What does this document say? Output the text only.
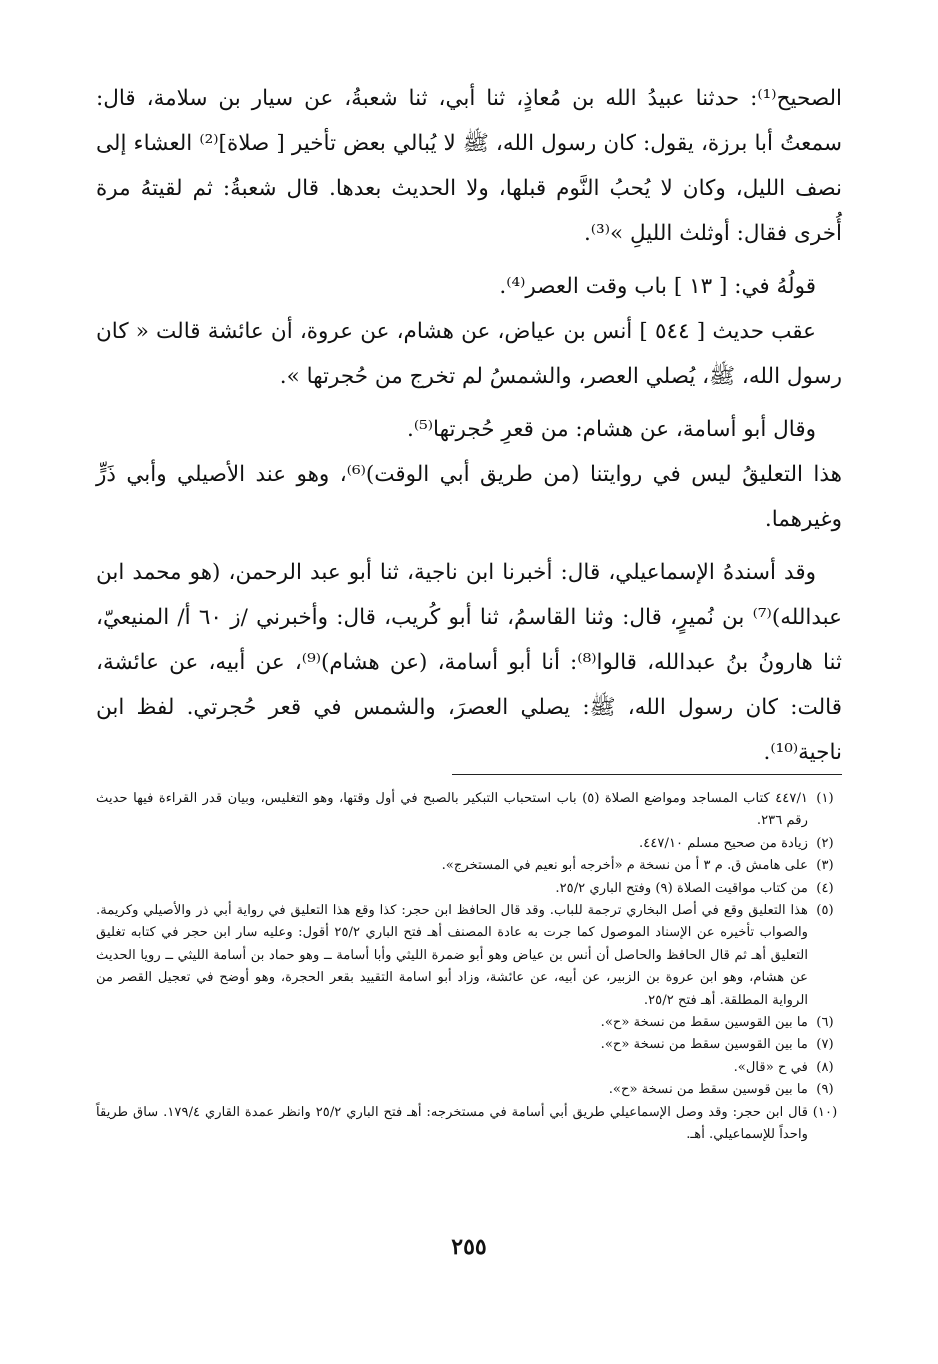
الصحيح⁽¹⁾: حدثنا عبيدُ الله بن مُعاذٍ، ثنا أبي، ثنا شعبةُ، عن سيار بن سلامة، قال: سمعتُ أبا برزة، يقول: كان رسول الله، ﷺ لا يُبالي بعض تأخير [ صلاة]⁽²⁾ العشاء إلى نصف الليل، وكان لا يُحبُ النَّوم قبلها، ولا الحديث بعدها. قال شعبةُ: ثم لقيتهُ مرة أُخرى فقال: أوثلث الليلِ »⁽³⁾.

قولُهُ في: [ ١٣ ] باب وقت العصر⁽⁴⁾.

عقب حديث [ ٥٤٤ ] أنس بن عياض، عن هشام، عن عروة، أن عائشة قالت « كان رسول الله، ﷺ، يُصلي العصر، والشمسُ لم تخرج من حُجرتها ».

وقال أبو أسامة، عن هشام: من قعرِ حُجرتها⁽⁵⁾.

هذا التعليقُ ليس في روايتنا (من طريق أبي الوقت)⁽⁶⁾، وهو عند الأصيلي وأبي ذَرٍّ وغيرهما.

وقد أسندهُ الإسماعيلي، قال: أخبرنا ابن ناجية، ثنا أبو عبد الرحمن، (هو محمد ابن عبدالله)⁽⁷⁾ بن نُميرٍ، قال: وثنا القاسمُ، ثنا أبو كُريب، قال: وأخبرني /ز ٦٠ أ/ المنيعيّ، ثنا هارونُ بنُ عبدالله، قالوا⁽⁸⁾: أنا أبو أسامة، (عن هشام)⁽⁹⁾، عن أبيه، عن عائشة، قالت: كان رسول الله، ﷺ: يصلي العصرَ، والشمس في قعر حُجرتي. لفظ ابن ناجية⁽¹⁰⁾.

(١)
٤٤٧/١ كتاب المساجد ومواضع الصلاة (٥) باب استحباب التبكير بالصبح في أول وقتها، وهو التغليس، وبيان قدر القراءة فيها حديث رقم ٢٣٦.
(٢)
زيادة من صحيح مسلم ٤٤٧/١٠.
(٣)
على هامش ق. م ٣ أ من نسخة م «أخرجه أبو نعيم في المستخرج».
(٤)
من كتاب مواقيت الصلاة (٩) وفتح الباري ٢٥/٢.
(٥)
هذا التعليق وقع في أصل البخاري ترجمة للباب. وقد قال الحافظ ابن حجر: كذا وقع هذا التعليق في رواية أبي ذر والأصيلي وكريمة. والصواب تأخيره عن الإسناد الموصول كما جرت به عادة المصنف أهـ فتح الباري ٢٥/٢ أقول: وعليه سار ابن حجر في كتابه تغليق التعليق أهـ ثم قال الحافظ والحاصل أن أنس بن عياض وهو أبو ضمرة الليثي وأبا أسامة ــ وهو حماد بن أسامة الليثي ــ رويا الحديث عن هشام، وهو ابن عروة بن الزبير، عن أبيه، عن عائشة، وزاد أبو اسامة التقييد بقعر الحجرة، وهو أوضح في تعجيل القصر من الرواية المطلقة. أهـ فتح ٢٥/٢.
(٦)
ما بين القوسين سقط من نسخة «ح».
(٧)
ما بين القوسين سقط من نسخة «ح».
(٨)
في ح «قال».
(٩)
ما بين قوسين سقط من نسخة «ح».
(١٠)
قال ابن حجر: وقد وصل الإسماعيلي طريق أبي أسامة في مستخرجه: أهـ فتح الباري ٢٥/٢ وانظر عمدة القاري ١٧٩/٤. ساق طريقاً واحداً للإسماعيلي. أهـ.
٢٥٥
